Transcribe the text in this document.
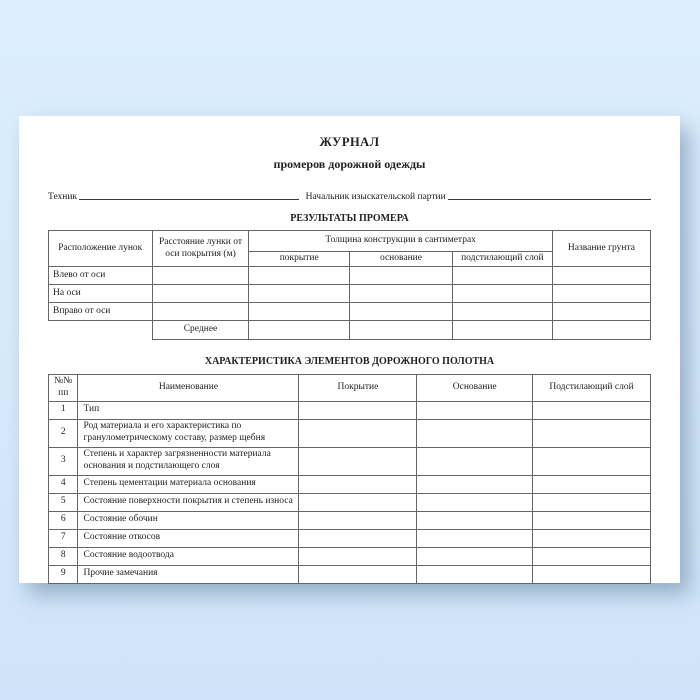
ЖУРНАЛ
промеров дорожной одежды
Техник	Начальник изыскательской партии
РЕЗУЛЬТАТЫ ПРОМЕРА
Расположение лунок	Расстояние лунки от оси покрытия (м)	Толщина конструкции в сантиметрах			Название грунта
		покрытие	основание	подстилающий слой	
Влево от оси					
На оси					
Вправо от оси					
	Среднее				
ХАРАКТЕРИСТИКА ЭЛЕМЕНТОВ ДОРОЖНОГО ПОЛОТНА
№№
пп	Наименование	Покрытие	Основание	Подстилающий слой
1	Тип			
2	Род материала и его характеристика по гранулометрическому составу, размер щебня			
3	Степень и характер загрязненности материала основания и подстилающего слоя			
4	Степень цементации материала основания			
5	Состояние поверхности покрытия и степень износа			
6	Состояние обочин			
7	Состояние откосов			
8	Состояние водоотвода			
9	Прочие замечания			
